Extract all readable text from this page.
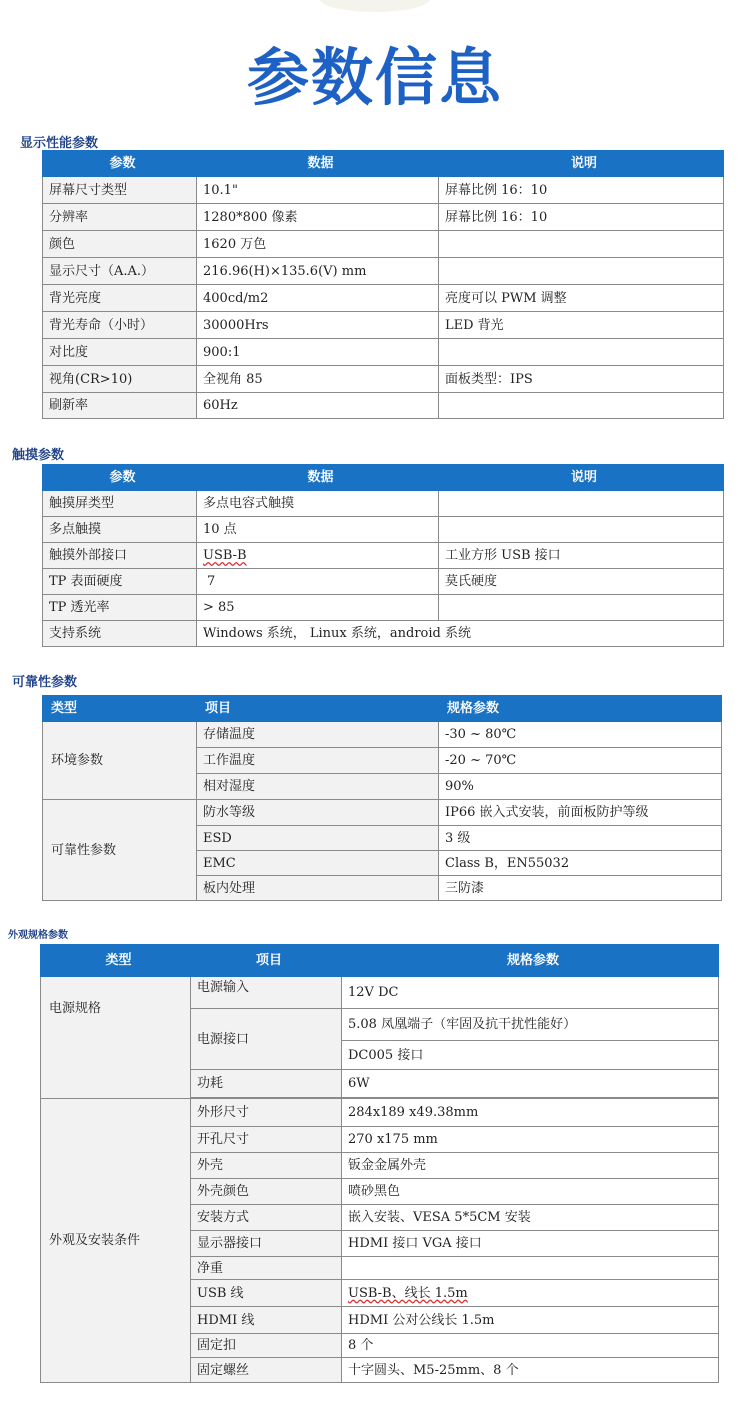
参数信息
显示性能参数
参数	数据	说明
屏幕尺寸类型	10.1"	屏幕比例 16：10
分辨率	1280*800 像素	屏幕比例 16：10
颜色	1620 万色	
显示尺寸（A.A.）	216.96(H)×135.6(V) mm	
背光亮度	400cd/m2	亮度可以 PWM 调整
背光寿命（小时）	30000Hrs	LED 背光
对比度	900:1	
视角(CR>10)	全视角 85	面板类型：IPS
刷新率	60Hz	
触摸参数
参数	数据	说明
触摸屏类型	多点电容式触摸	
多点触摸	10 点	
触摸外部接口	USB-B	工业方形 USB 接口
TP 表面硬度	7	莫氏硬度
TP 透光率	> 85	
支持系统	Windows 系统， Linux 系统，android 系统	
可靠性参数
类型	项目	规格参数
环境参数	存储温度	-30 ~ 80℃
	工作温度	-20 ~ 70℃
	相对湿度	90%
可靠性参数	防水等级	IP66 嵌入式安装，前面板防护等级
	ESD	3 级
	EMC	Class B，EN55032
	板内处理	三防漆
外观规格参数
类型	项目	规格参数
电源规格	电源输入	12V DC
	电源接口	5.08 凤凰端子（牢固及抗干扰性能好）
		DC005 接口
	功耗	6W

外观及安装条件	外形尺寸	284x189 x49.38mm
	开孔尺寸	270 x175 mm
	外壳	钣金金属外壳
	外壳颜色	喷砂黑色
	安装方式	嵌入安装、VESA 5*5CM 安装
	显示器接口	HDMI 接口 VGA 接口
	净重	
	USB 线	USB-B、线长 1.5m
	HDMI 线	HDMI 公对公线长 1.5m
	固定扣	8 个
	固定螺丝	十字圆头、M5-25mm、8 个
